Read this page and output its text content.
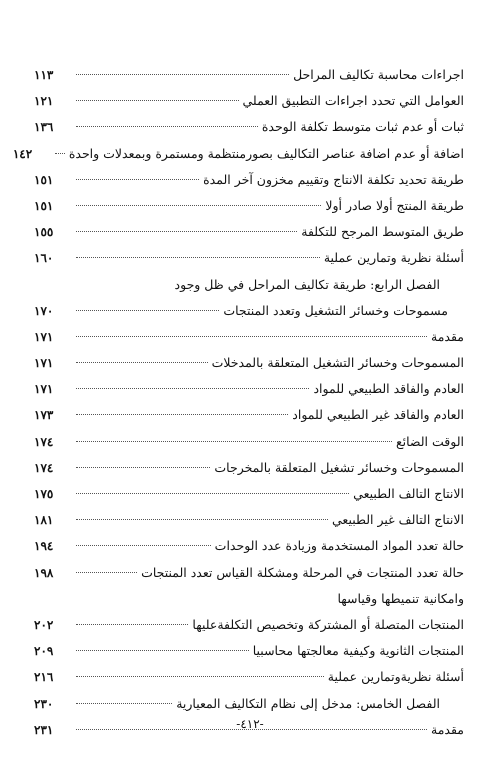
اجراءات محاسبة تكاليف المراحل
١١٣
العوامل التي تحدد اجراءات التطبيق العملي
١٢١
ثبات أو عدم ثبات متوسط تكلفة الوحدة
١٣٦
اضافة أو عدم اضافة عناصر التكاليف بصورمنتظمة ومستمرة وبمعدلات واحدة
١٤٢
طريقة تحديد تكلفة الانتاج وتقييم مخزون آخر المدة
١٥١
طريقة المنتج أولا صادر أولا
١٥١
طريق المتوسط المرجح للتكلفة
١٥٥
أسئلة نظرية وتمارين عملية
١٦٠
الفصل الرابع: طريقة تكاليف المراحل في ظل وجود
مسموحات وخسائر التشغيل وتعدد المنتجات
١٧٠
مقدمة
١٧١
المسموحات وخسائر التشغيل المتعلقة بالمدخلات
١٧١
العادم والفاقد الطبيعي للمواد
١٧١
العادم والفاقد غير الطبيعي للمواد
١٧٣
الوقت الضائع
١٧٤
المسموحات وخسائر تشغيل المتعلقة بالمخرجات
١٧٤
الانتاج التالف الطبيعي
١٧٥
الانتاج التالف غير الطبيعي
١٨١
حالة تعدد المواد المستخدمة وزيادة عدد الوحدات
١٩٤
حالة تعدد المنتجات في المرحلة ومشكلة القياس تعدد المنتجات
١٩٨
وامكانية تنميطها وقياسها
المنتجات المتصلة أو المشتركة وتخصيص التكلفةعليها
٢٠٢
المنتجات الثانوية وكيفية معالجتها محاسبيا
٢٠٩
أسئلة نظريةوتمارين عملية
٢١٦
الفصل الخامس: مدخل إلى نظام التكاليف المعيارية
٢٣٠
مقدمة
٢٣١	-٤١٢-
